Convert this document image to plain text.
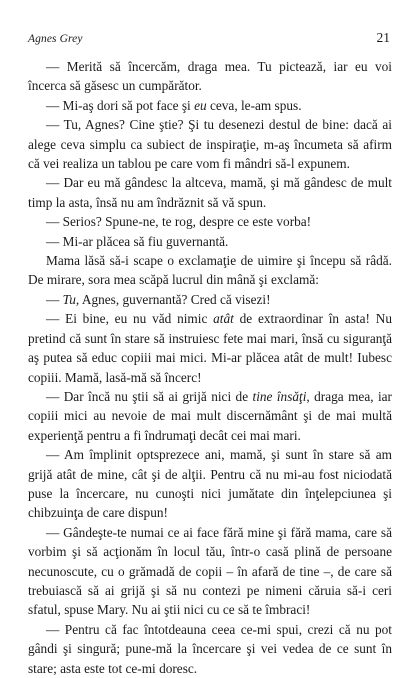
Agnes Grey	21

— Merită să încercăm, draga mea. Tu pictează, iar eu voi încerca să găsesc un cumpărător.

— Mi-aş dori să pot face şi eu ceva, le-am spus.

— Tu, Agnes? Cine ştie? Şi tu desenezi destul de bine: dacă ai alege ceva simplu ca subiect de inspiraţie, m-aş încumeta să afirm că vei realiza un tablou pe care vom fi mândri să-l expunem.

— Dar eu mă gândesc la altceva, mamă, şi mă gândesc de mult timp la asta, însă nu am îndrăznit să vă spun.

— Serios? Spune-ne, te rog, despre ce este vorba!

— Mi-ar plăcea să fiu guvernantă.

Mama lăsă să-i scape o exclamaţie de uimire şi începu să râdă. De mirare, sora mea scăpă lucrul din mână şi exclamă:

— Tu, Agnes, guvernantă? Cred că visezi!

— Ei bine, eu nu văd nimic atât de extraordinar în asta! Nu pretind că sunt în stare să instruiesc fete mai mari, însă cu siguranţă aş putea să educ copiii mai mici. Mi-ar plăcea atât de mult! Iubesc copiii. Mamă, lasă-mă să încerc!

— Dar încă nu ştii să ai grijă nici de tine însăţi, draga mea, iar copiii mici au nevoie de mai mult discernământ şi de mai multă experienţă pentru a fi îndrumaţi decât cei mai mari.

— Am împlinit optsprezece ani, mamă, şi sunt în stare să am grijă atât de mine, cât şi de alţii. Pentru că nu mi-au fost niciodată puse la încercare, nu cunoşti nici jumătate din înţelepciunea şi chibzuinţa de care dispun!

— Gândeşte-te numai ce ai face fără mine şi fără mama, care să vorbim şi să acţionăm în locul tău, într-o casă plină de persoane necunoscute, cu o grămadă de copii – în afară de tine –, de care să trebuiască să ai grijă şi să nu contezi pe nimeni căruia să-i ceri sfatul, spuse Mary. Nu ai ştii nici cu ce să te îmbraci!

— Pentru că fac întotdeauna ceea ce-mi spui, crezi că nu pot gândi şi singură; pune-mă la încercare şi vei vedea de ce sunt în stare; asta este tot ce-mi doresc.
